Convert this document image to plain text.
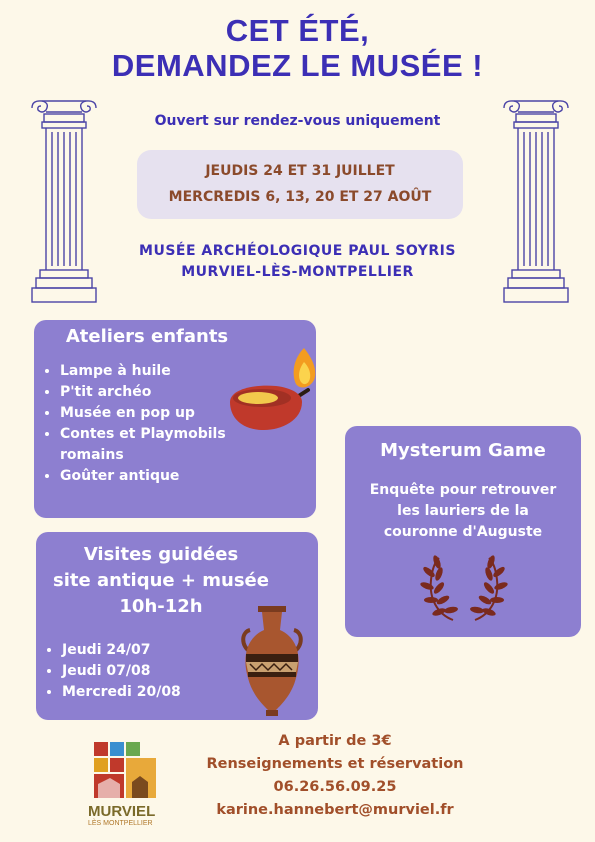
CET ÉTÉ,
DEMANDEZ LE MUSÉE !
Ouvert sur rendez-vous uniquement
JEUDIS 24 ET 31 JUILLET
MERCREDIS 6, 13, 20 ET 27 AOÛT
MUSÉE ARCHÉOLOGIQUE PAUL SOYRIS
MURVIEL-LÈS-MONTPELLIER
Ateliers enfants
• Lampe à huile
• P'tit archéo
• Musée en pop up
• Contes et Playmobils romains
• Goûter antique
Visites guidées
site antique + musée
10h-12h
• Jeudi 24/07
• Jeudi 07/08
• Mercredi 20/08
Mysterum Game
Enquête pour retrouver
les lauriers de la
couronne d'Auguste
MURVIEL
LÈS MONTPELLIER
A partir de 3€
Renseignements et réservation
06.26.56.09.25
karine.hannebert@murviel.fr
